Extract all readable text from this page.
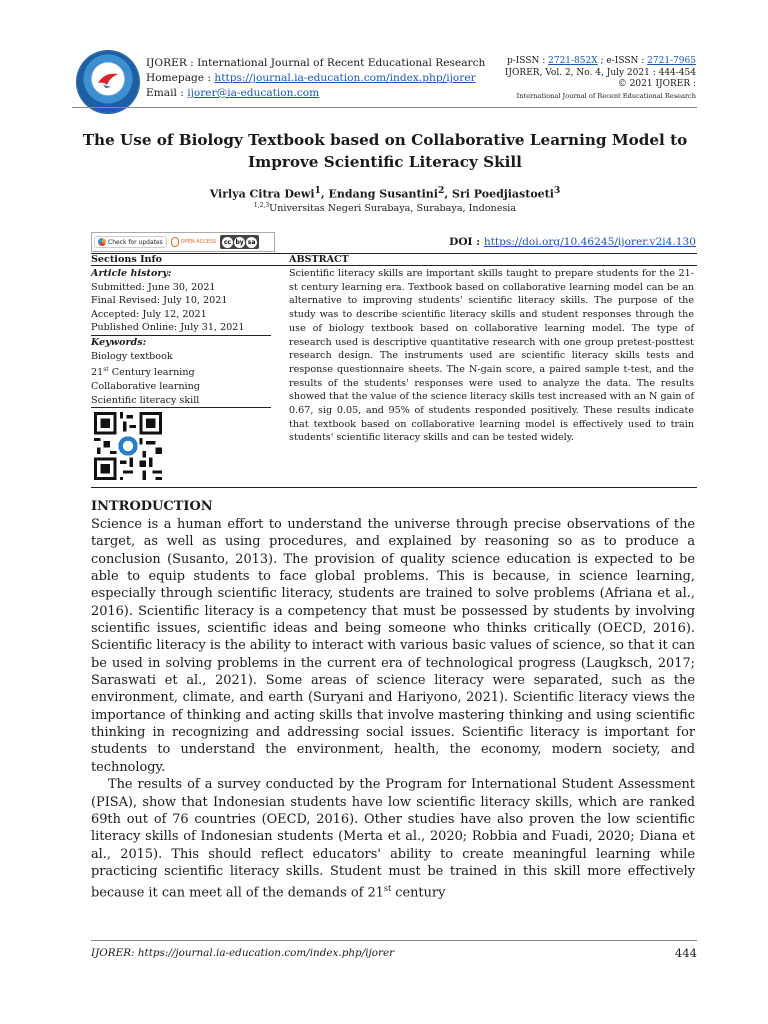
IJORER : International Journal of Recent Educational Research
Homepage : https://journal.ia-education.com/index.php/ijorer
Email : ijorer@ia-education.com
p-ISSN : 2721-852X ; e-ISSN : 2721-7965
IJORER, Vol. 2, No. 4, July 2021 : 444-454
© 2021 IJORER :
International Journal of Recent Educational Research
The Use of Biology Textbook based on Collaborative Learning Model to
Improve Scientific Literacy Skill
Virlya Citra Dewi$^1$, Endang Susantini$^2$, Sri Poedjiastoeti$^3$
$^{1,2,3}$Universitas Negeri Surabaya, Surabaya, Indonesia
Check for updates	OPEN ACCESS	cc by sa	DOI : https://doi.org/10.46245/ijorer.v2i4.130
Sections Info	ABSTRACT
Article history:
Submitted: June 30, 2021
Final Revised: July 10, 2021
Accepted: July 12, 2021
Published Online: July 31, 2021
Keywords:
Biology textbook
21st Century learning
Collaborative learning
Scientific literacy skill
Scientific literacy skills are important skills taught to prepare students for the 21-st century learning era. Textbook based on collaborative learning model can be an alternative to improving students' scientific literacy skills. The purpose of the study was to describe scientific literacy skills and student responses through the use of biology textbook based on collaborative learning model. The type of research used is descriptive quantitative research with one group pretest-posttest research design. The instruments used are scientific literacy skills tests and response questionnaire sheets. The N-gain score, a paired sample t-test, and the results of the students' responses were used to analyze the data. The results showed that the value of the science literacy skills test increased with an N gain of 0.67, sig 0.05, and 95% of students responded positively. These results indicate that textbook based on collaborative learning model is effectively used to train students' scientific literacy skills and can be tested widely.
INTRODUCTION

Science is a human effort to understand the universe through precise observations of the target, as well as using procedures, and explained by reasoning so as to produce a conclusion (Susanto, 2013). The provision of quality science education is expected to be able to equip students to face global problems. This is because, in science learning, especially through scientific literacy, students are trained to solve problems (Afriana et al., 2016). Scientific literacy is a competency that must be possessed by students by involving scientific issues, scientific ideas and being someone who thinks critically (OECD, 2016). Scientific literacy is the ability to interact with various basic values of science, so that it can be used in solving problems in the current era of technological progress (Laugksch, 2017; Saraswati et al., 2021). Some areas of science literacy were separated, such as the environment, climate, and earth (Suryani and Hariyono, 2021). Scientific literacy views the importance of thinking and acting skills that involve mastering thinking and using scientific thinking in recognizing and addressing social issues. Scientific literacy is important for students to understand the environment, health, the economy, modern society, and technology.

The results of a survey conducted by the Program for International Student Assessment (PISA), show that Indonesian students have low scientific literacy skills, which are ranked 69th out of 76 countries (OECD, 2016). Other studies have also proven the low scientific literacy skills of Indonesian students (Merta et al., 2020; Robbia and Fuadi, 2020; Diana et al., 2015). This should reflect educators' ability to create meaningful learning while practicing scientific literacy skills. Student must be trained in this skill more effectively because it can meet all of the demands of 21st century

IJORER: https://journal.ia-education.com/index.php/ijorer	444
